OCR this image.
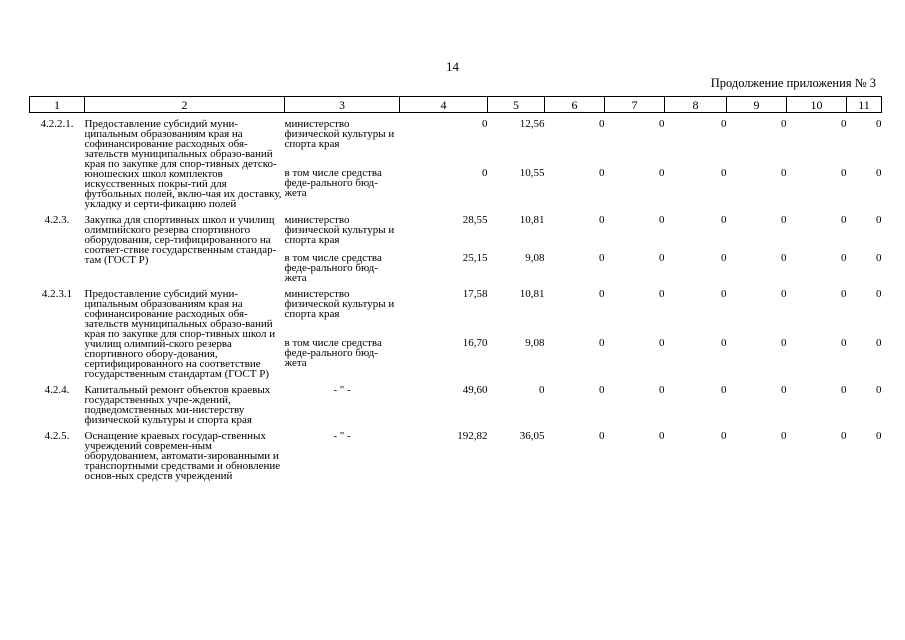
14
Продолжение приложения № 3
1	2	3	4	5	6	7	8	9	10	11

4.2.2.1.	Предоставление субсидий муни-ципальным образованиям края на софинансирование расходных обя-зательств муниципальных образо-ваний края по закупке для спор-тивных детско-юношеских школ комплектов искусственных покры-тий для футбольных полей, вклю-чая их доставку, укладку и серти-фикацию полей	министерство физической культуры и спорта края	0	12,56	0	0	0	0	0	0

		в том числе средства феде-рального бюд-жета	0	10,55	0	0	0	0	0	0

4.2.3.	Закупка для спортивных школ и училищ олимпийского резерва спортивного оборудования, сер-тифицированного на соответ-ствие государственным стандар-там (ГОСТ Р)	министерство физической культуры и спорта края	28,55	10,81	0	0	0	0	0	0

		в том числе средства феде-рального бюд-жета	25,15	9,08	0	0	0	0	0	0

4.2.3.1	Предоставление субсидий муни-ципальным образованиям края на софинансирование расходных обя-зательств муниципальных образо-ваний края по закупке для спор-тивных школ и училищ олимпий-ского резерва спортивного обору-дования, сертифицированного на соответствие государственным стандартам (ГОСТ Р)	министерство физической культуры и спорта края	17,58	10,81	0	0	0	0	0	0

		в том числе средства феде-рального бюд-жета	16,70	9,08	0	0	0	0	0	0

4.2.4.	Капитальный ремонт объектов краевых государственных учре-ждений, подведомственных ми-нистерству физической культуры и спорта края	- " -	49,60	0	0	0	0	0	0	0

4.2.5.	Оснащение краевых государ-ственных учреждений современ-ным оборудованием, автомати-зированными и транспортными средствами и обновление основ-ных средств учреждений	- " -	192,82	36,05	0	0	0	0	0	0
